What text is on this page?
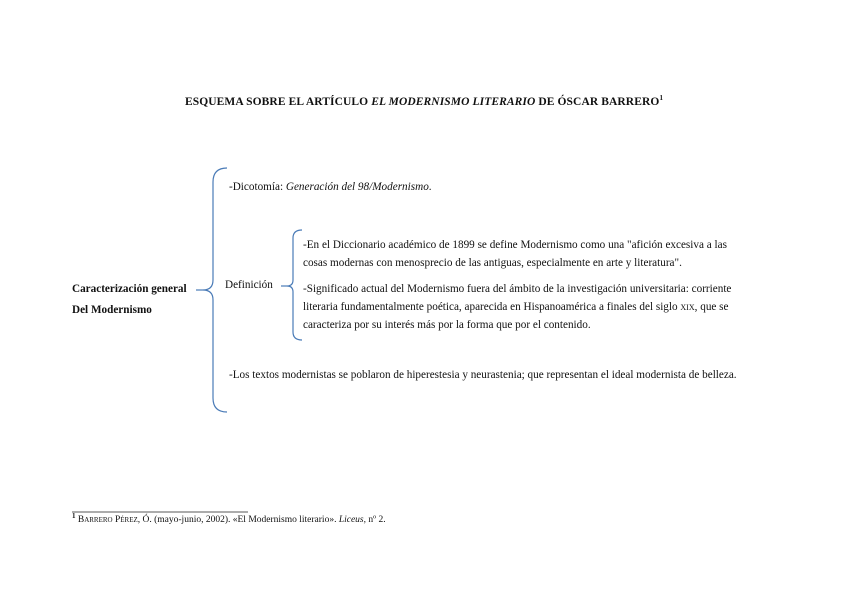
ESQUEMA SOBRE EL ARTÍCULO EL MODERNISMO LITERARIO DE ÓSCAR BARRERO$^1$
Caracterización general
Del Modernismo
-Dicotomía: Generación del 98/Modernismo.
Definición
-En el Diccionario académico de 1899 se define Modernismo como una "afición excesiva a las
cosas modernas con menosprecio de las antiguas, especialmente en arte y literatura".
-Significado actual del Modernismo fuera del ámbito de la investigación universitaria: corriente
literaria fundamentalmente poética, aparecida en Hispanoamérica a finales del siglo xix, que se
caracteriza por su interés más por la forma que por el contenido.
-Los textos modernistas se poblaron de hiperestesia y neurastenia; que representan el ideal modernista de belleza.
$^1$ Barrero Pérez, Ó. (mayo-junio, 2002). «El Modernismo literario». Liceus, nº 2.
